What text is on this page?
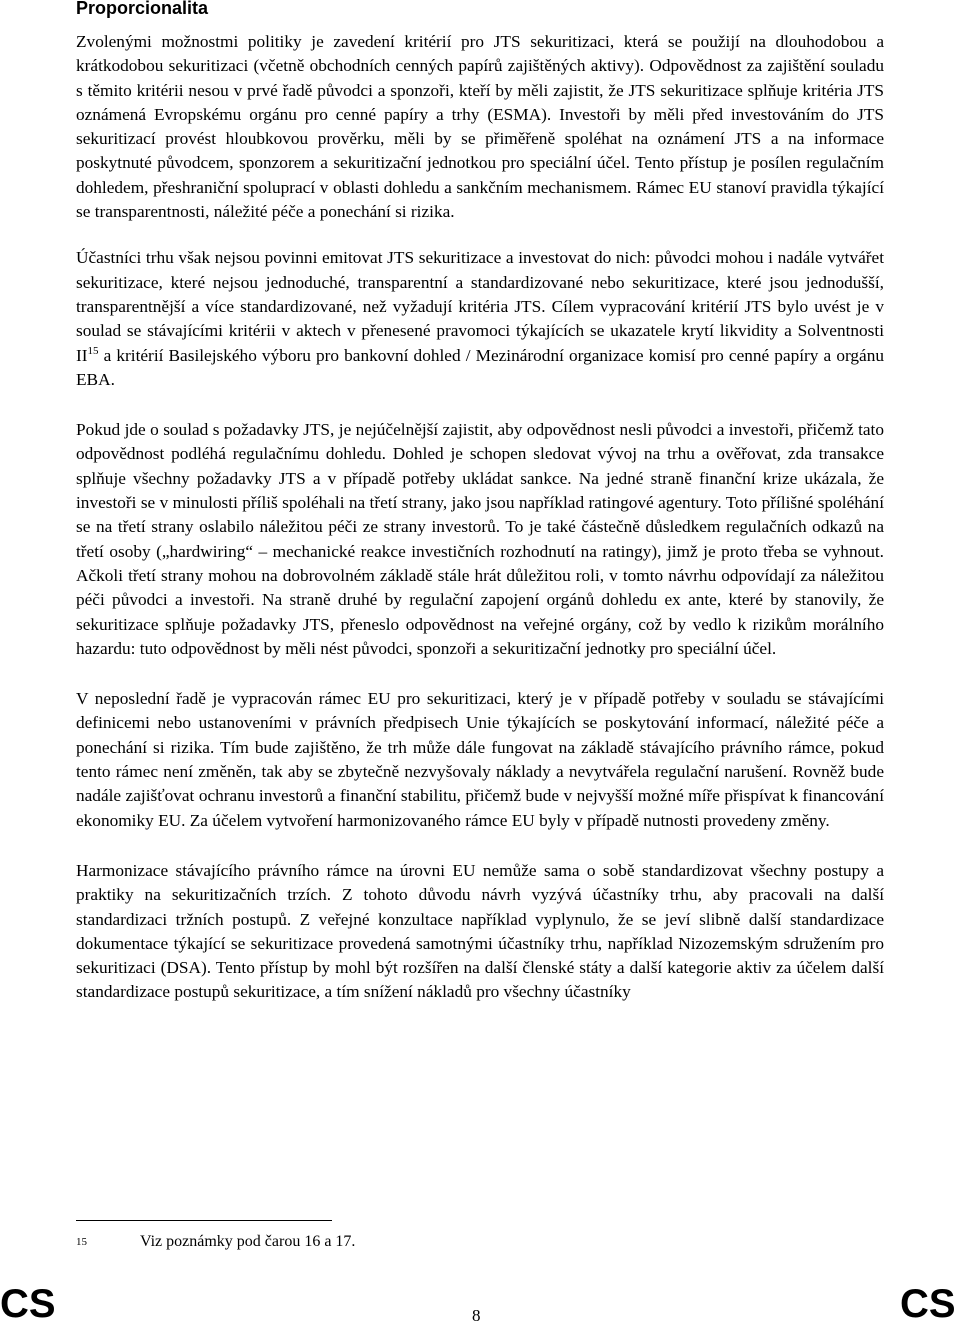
Proporcionalita

Zvolenými možnostmi politiky je zavedení kritérií pro JTS sekuritizaci, která se použijí na dlouhodobou a krátkodobou sekuritizaci (včetně obchodních cenných papírů zajištěných aktivy). Odpovědnost za zajištění souladu s těmito kritérii nesou v prvé řadě původci a sponzoři, kteří by měli zajistit, že JTS sekuritizace splňuje kritéria JTS oznámená Evropskému orgánu pro cenné papíry a trhy (ESMA). Investoři by měli před investováním do JTS sekuritizací provést hloubkovou prověrku, měli by se přiměřeně spoléhat na oznámení JTS a na informace poskytnuté původcem, sponzorem a sekuritizační jednotkou pro speciální účel. Tento přístup je posílen regulačním dohledem, přeshraniční spoluprací v oblasti dohledu a sankčním mechanismem. Rámec EU stanoví pravidla týkající se transparentnosti, náležité péče a ponechání si rizika.

Účastníci trhu však nejsou povinni emitovat JTS sekuritizace a investovat do nich: původci mohou i nadále vytvářet sekuritizace, které nejsou jednoduché, transparentní a standardizované nebo sekuritizace, které jsou jednodušší, transparentnější a více standardizované, než vyžadují kritéria JTS. Cílem vypracování kritérií JTS bylo uvést je v soulad se stávajícími kritérii v aktech v přenesené pravomoci týkajících se ukazatele krytí likvidity a Solventnosti II$^{15}$ a kritérií Basilejského výboru pro bankovní dohled / Mezinárodní organizace komisí pro cenné papíry a orgánu EBA.

Pokud jde o soulad s požadavky JTS, je nejúčelnější zajistit, aby odpovědnost nesli původci a investoři, přičemž tato odpovědnost podléhá regulačnímu dohledu. Dohled je schopen sledovat vývoj na trhu a ověřovat, zda transakce splňuje všechny požadavky JTS a v případě potřeby ukládat sankce. Na jedné straně finanční krize ukázala, že investoři se v minulosti příliš spoléhali na třetí strany, jako jsou například ratingové agentury. Toto přílišné spoléhání se na třetí strany oslabilo náležitou péči ze strany investorů. To je také částečně důsledkem regulačních odkazů na třetí osoby („hardwiring“ – mechanické reakce investičních rozhodnutí na ratingy), jimž je proto třeba se vyhnout. Ačkoli třetí strany mohou na dobrovolném základě stále hrát důležitou roli, v tomto návrhu odpovídají za náležitou péči původci a investoři. Na straně druhé by regulační zapojení orgánů dohledu ex ante, které by stanovily, že sekuritizace splňuje požadavky JTS, přeneslo odpovědnost na veřejné orgány, což by vedlo k rizikům morálního hazardu: tuto odpovědnost by měli nést původci, sponzoři a sekuritizační jednotky pro speciální účel.

V neposlední řadě je vypracován rámec EU pro sekuritizaci, který je v případě potřeby v souladu se stávajícími definicemi nebo ustanoveními v právních předpisech Unie týkajících se poskytování informací, náležité péče a ponechání si rizika. Tím bude zajištěno, že trh může dále fungovat na základě stávajícího právního rámce, pokud tento rámec není změněn, tak aby se zbytečně nezvyšovaly náklady a nevytvářela regulační narušení. Rovněž bude nadále zajišťovat ochranu investorů a finanční stabilitu, přičemž bude v nejvyšší možné míře přispívat k financování ekonomiky EU. Za účelem vytvoření harmonizovaného rámce EU byly v případě nutnosti provedeny změny.

Harmonizace stávajícího právního rámce na úrovni EU nemůže sama o sobě standardizovat všechny postupy a praktiky na sekuritizačních trzích. Z tohoto důvodu návrh vyzývá účastníky trhu, aby pracovali na další standardizaci tržních postupů. Z veřejné konzultace například vyplynulo, že se jeví slibně další standardizace dokumentace týkající se sekuritizace provedená samotnými účastníky trhu, například Nizozemským sdružením pro sekuritizaci (DSA). Tento přístup by mohl být rozšířen na další členské státy a další kategorie aktiv za účelem další standardizace postupů sekuritizace, a tím snížení nákladů pro všechny účastníky

$^{15}$	Viz poznámky pod čarou 16 a 17.
CS	8	CS
